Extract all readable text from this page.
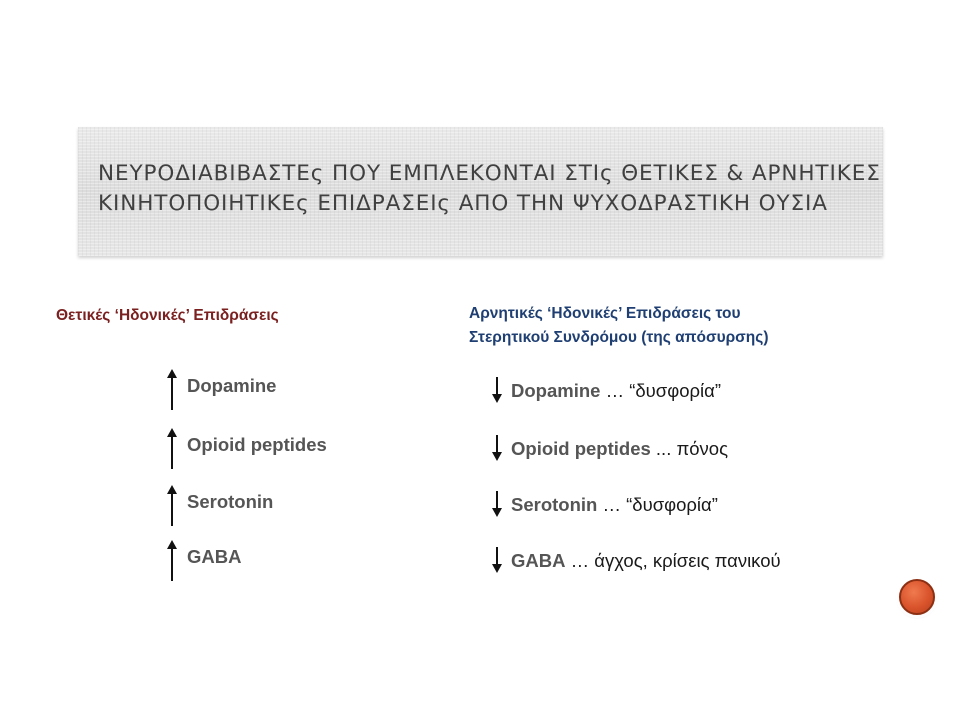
ΝΕΥΡΟΔΙΑΒΙΒΑΣΤΕς ΠΟΥ ΕΜΠΛΕΚΟΝΤΑΙ ΣΤΙς ΘΕΤΙΚΕΣ & ΑΡΝΗΤΙΚΕΣ
ΚΙΝΗΤΟΠΟΙΗΤΙΚΕς ΕΠΙΔΡΑΣΕΙς ΑΠΟ ΤΗΝ ΨΥΧΟΔΡΑΣΤΙΚΗ ΟΥΣΙΑ
Θετικές ‘Ηδονικές’ Επιδράσεις	Αρνητικές ‘Ηδονικές’ Επιδράσεις του
Στερητικού Συνδρόμου (της απόσυρσης)
Dopamine
Opioid peptides
Serotonin
GABA
Dopamine … “δυσφορία”
Opioid peptides ... πόνος
Serotonin … “δυσφορία”
GABA … άγχος, κρίσεις πανικού
